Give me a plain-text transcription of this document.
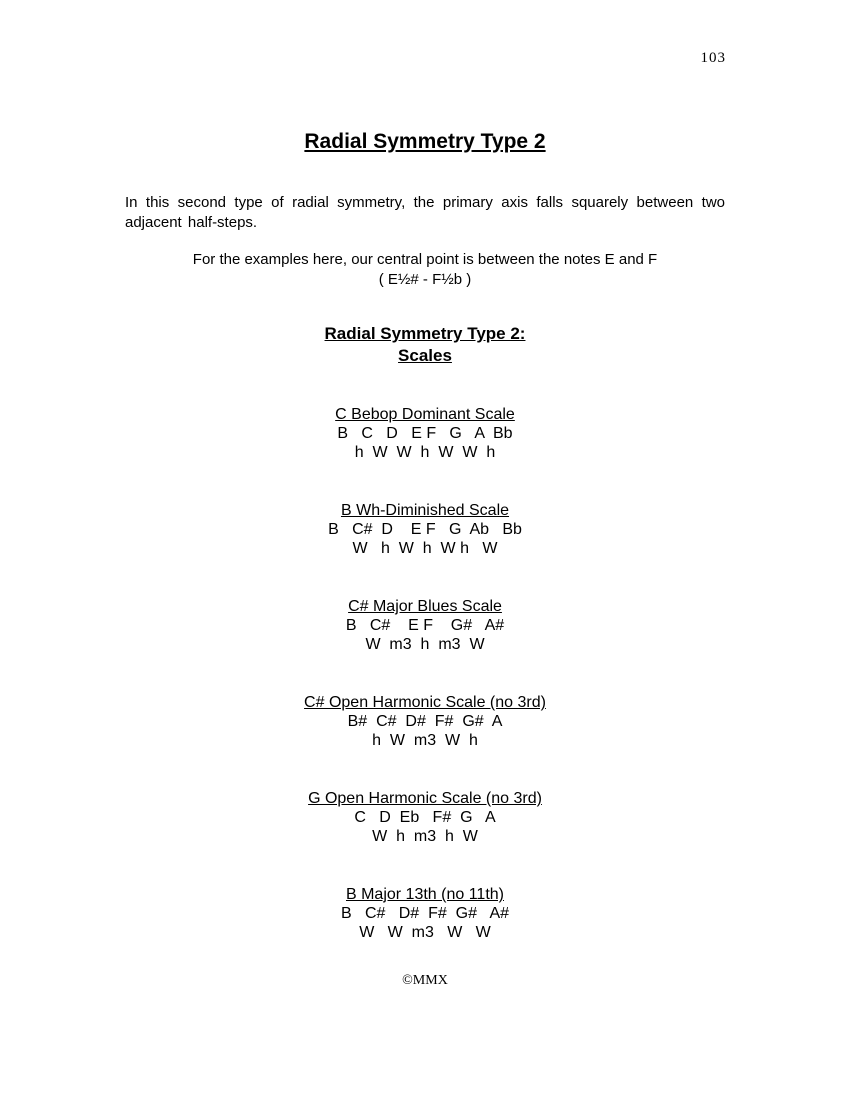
103
Radial Symmetry Type 2

In this second type of radial symmetry, the primary axis falls squarely between two adjacent half-steps.

For the examples here, our central point is between the notes E and F
( E½# - F½b )
Radial Symmetry Type 2:
Scales
C Bebop Dominant Scale
B   C   D   E F   G   A  Bb
h  W  W  h  W  W  h
B Wh-Diminished Scale
B   C#  D    E F   G  Ab   Bb
W   h  W  h  W h   W
C# Major Blues Scale
B   C#    E F    G#   A#
W  m3  h  m3  W
C# Open Harmonic Scale (no 3rd)
B#  C#  D#  F#  G#  A
h  W  m3  W  h
G Open Harmonic Scale (no 3rd)
C   D  Eb   F#  G   A
W  h  m3  h  W
B Major 13th (no 11th)
B   C#   D#  F#  G#   A#
W   W  m3   W   W
©MMX
